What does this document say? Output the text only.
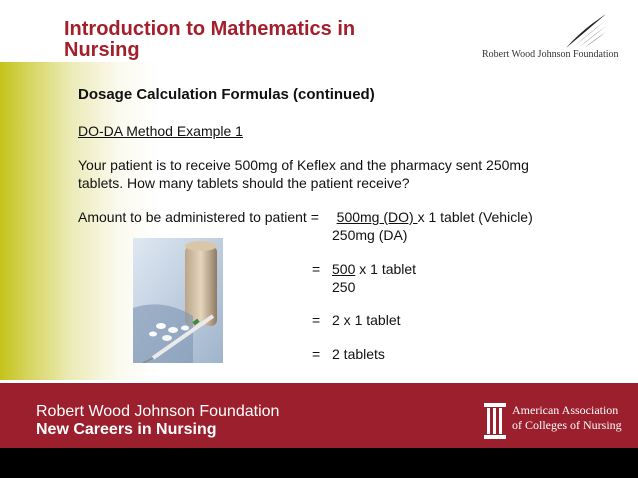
Introduction to Mathematics in Nursing	Robert Wood Johnson Foundation
Dosage Calculation Formulas (continued)
DO-DA Method Example 1
Your patient is to receive 500mg of Keflex and the pharmacy sent 250mg
tablets. How many tablets should the patient receive?
Amount to be administered to patient = 500mg (DO) x 1 tablet (Vehicle)
250mg (DA)
= 500 x 1 tablet
250
= 2 x 1 tablet
= 2 tablets
Robert Wood Johnson Foundation
New Careers in Nursing
American Association
of Colleges of Nursing
